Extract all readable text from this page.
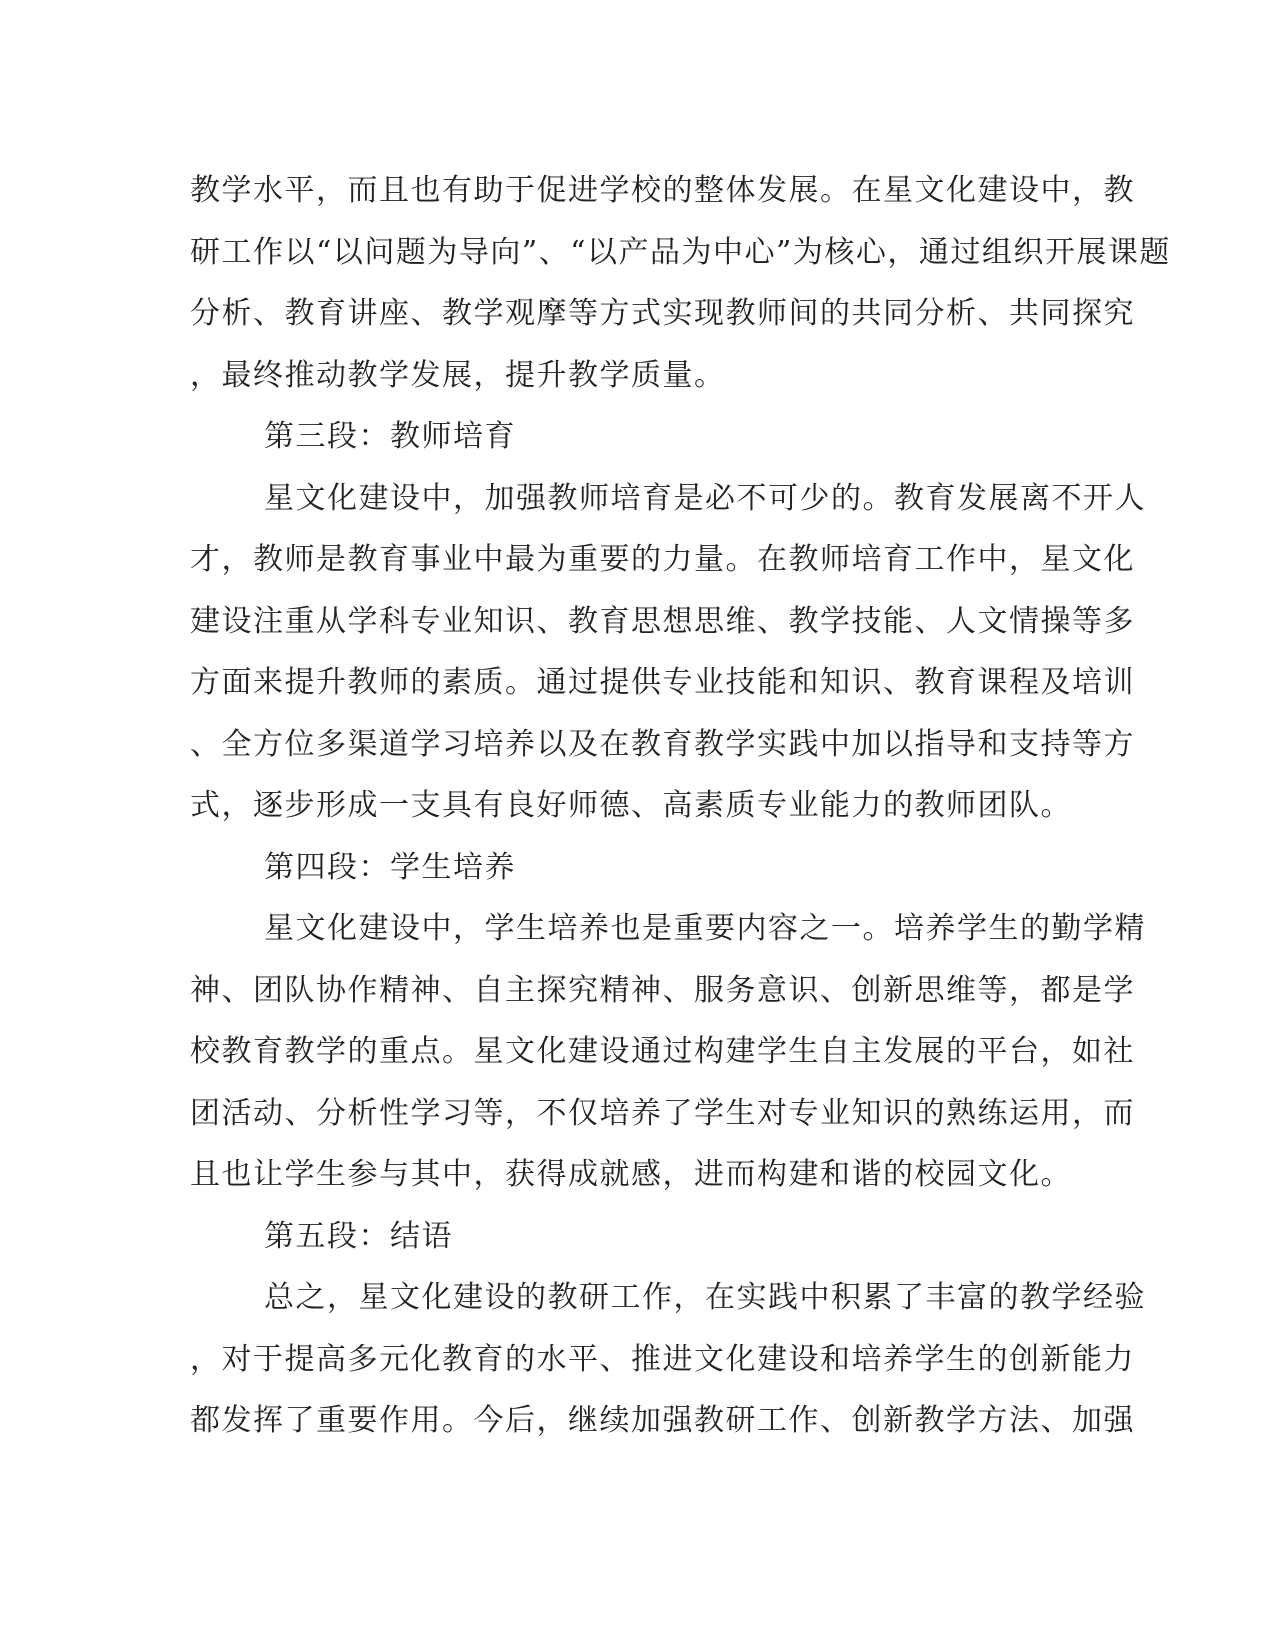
教学水平，而且也有助于促进学校的整体发展。在星文化建设中，教
研工作以“以问题为导向”、“以产品为中心”为核心，通过组织开展课题
分析、教育讲座、教学观摩等方式实现教师间的共同分析、共同探究
，最终推动教学发展，提升教学质量。
第三段：教师培育
星文化建设中，加强教师培育是必不可少的。教育发展离不开人
才，教师是教育事业中最为重要的力量。在教师培育工作中，星文化
建设注重从学科专业知识、教育思想思维、教学技能、人文情操等多
方面来提升教师的素质。通过提供专业技能和知识、教育课程及培训
、全方位多渠道学习培养以及在教育教学实践中加以指导和支持等方
式，逐步形成一支具有良好师德、高素质专业能力的教师团队。
第四段：学生培养
星文化建设中，学生培养也是重要内容之一。培养学生的勤学精
神、团队协作精神、自主探究精神、服务意识、创新思维等，都是学
校教育教学的重点。星文化建设通过构建学生自主发展的平台，如社
团活动、分析性学习等，不仅培养了学生对专业知识的熟练运用，而
且也让学生参与其中，获得成就感，进而构建和谐的校园文化。
第五段：结语
总之，星文化建设的教研工作，在实践中积累了丰富的教学经验
，对于提高多元化教育的水平、推进文化建设和培养学生的创新能力
都发挥了重要作用。今后，继续加强教研工作、创新教学方法、加强
